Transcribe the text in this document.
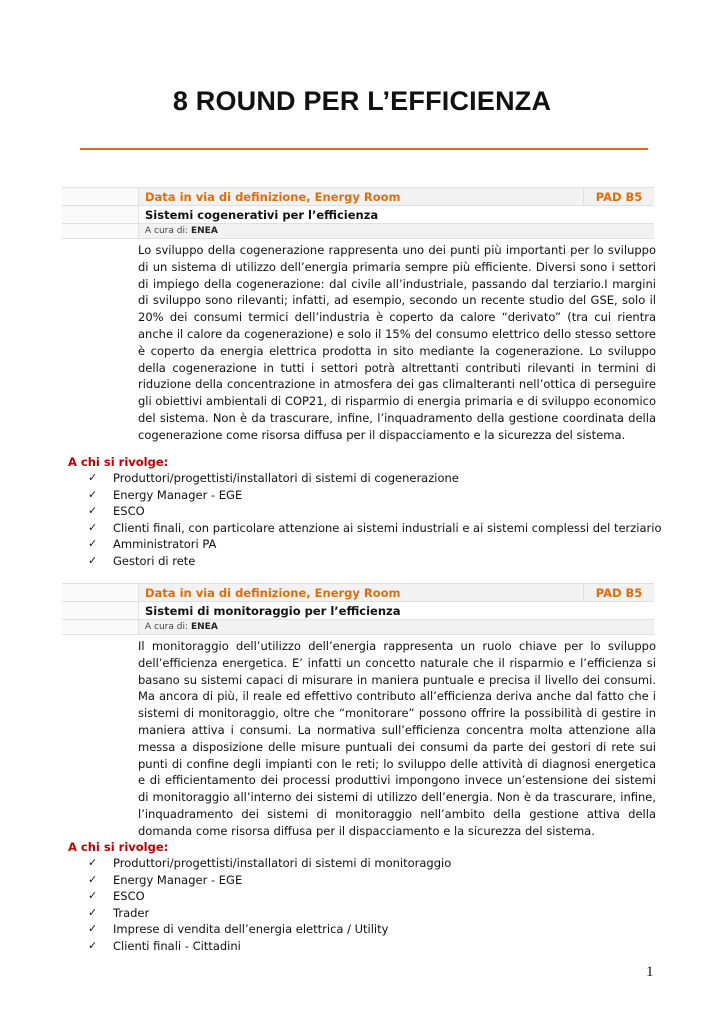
8 ROUND PER L’EFFICIENZA
Data in via di definizione, Energy Room	PAD B5
Sistemi cogenerativi per l’efficienza
A cura di: ENEA

Lo sviluppo della cogenerazione rappresenta uno dei punti più importanti per lo sviluppo di un sistema di utilizzo dell’energia primaria sempre più efficiente. Diversi sono i settori di impiego della cogenerazione: dal civile all’industriale, passando dal terziario.I margini di sviluppo sono rilevanti; infatti, ad esempio, secondo un recente studio del GSE, solo il 20% dei consumi termici dell’industria è coperto da calore “derivato” (tra cui rientra anche il calore da cogenerazione) e solo il 15% del consumo elettrico dello stesso settore è coperto da energia elettrica prodotta in sito mediante la cogenerazione. Lo sviluppo della cogenerazione in tutti i settori potrà altrettanti contributi rilevanti in termini di riduzione della concentrazione in atmosfera dei gas climalteranti nell’ottica di perseguire gli obiettivi ambientali di COP21, di risparmio di energia primaria e di sviluppo economico del sistema. Non è da trascurare, infine, l’inquadramento della gestione coordinata della cogenerazione come risorsa diffusa per il dispacciamento e la sicurezza del sistema.

A chi si rivolge:
✓	Produttori/progettisti/installatori di sistemi di cogenerazione
✓	Energy Manager - EGE
✓	ESCO
✓	Clienti finali, con particolare attenzione ai sistemi industriali e ai sistemi complessi del terziario
✓	Amministratori PA
✓	Gestori di rete
Data in via di definizione, Energy Room	PAD B5
Sistemi di monitoraggio per l’efficienza
A cura di: ENEA

Il monitoraggio dell’utilizzo dell’energia rappresenta un ruolo chiave per lo sviluppo dell’efficienza energetica. E’ infatti un concetto naturale che il risparmio e l’efficienza si basano su sistemi capaci di misurare in maniera puntuale e precisa il livello dei consumi. Ma ancora di più, il reale ed effettivo contributo all’efficienza deriva anche dal fatto che i sistemi di monitoraggio, oltre che “monitorare” possono offrire la possibilità di gestire in maniera attiva i consumi. La normativa sull’efficienza concentra molta attenzione alla messa a disposizione delle misure puntuali dei consumi da parte dei gestori di rete sui punti di confine degli impianti con le reti; lo sviluppo delle attività di diagnosi energetica e di efficientamento dei processi produttivi impongono invece un’estensione dei sistemi di monitoraggio all’interno dei sistemi di utilizzo dell’energia. Non è da trascurare, infine, l’inquadramento dei sistemi di monitoraggio nell’ambito della gestione attiva della domanda come risorsa diffusa per il dispacciamento e la sicurezza del sistema.

A chi si rivolge:
✓	Produttori/progettisti/installatori di sistemi di monitoraggio
✓	Energy Manager - EGE
✓	ESCO
✓	Trader
✓	Imprese di vendita dell’energia elettrica / Utility
✓	Clienti finali - Cittadini
1
